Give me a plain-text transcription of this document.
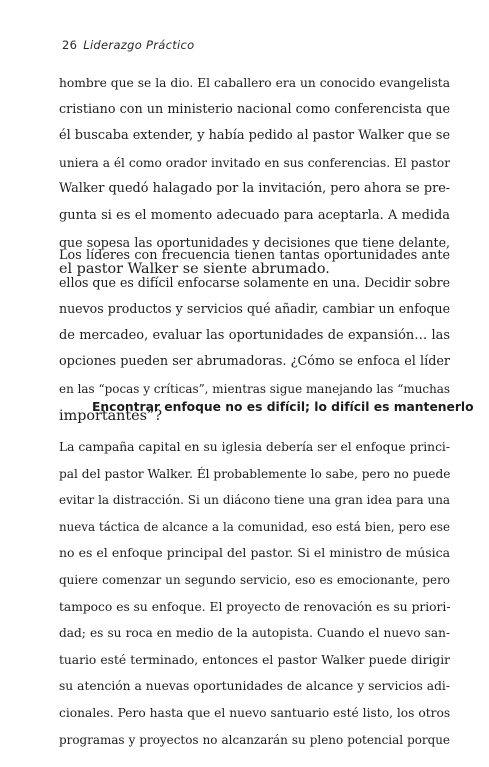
26 Liderazgo Práctico
hombre que se la dio. El caballero era un conocido evangelista
cristiano con un ministerio nacional como conferencista que
él buscaba extender, y había pedido al pastor Walker que se
uniera a él como orador invitado en sus conferencias. El pastor
Walker quedó halagado por la invitación, pero ahora se pre-
gunta si es el momento adecuado para aceptarla. A medida
que sopesa las oportunidades y decisiones que tiene delante,
el pastor Walker se siente abrumado.
Los líderes con frecuencia tienen tantas oportunidades ante
ellos que es difícil enfocarse solamente en una. Decidir sobre
nuevos productos y servicios qué añadir, cambiar un enfoque
de mercadeo, evaluar las oportunidades de expansión… las
opciones pueden ser abrumadoras. ¿Cómo se enfoca el líder
en las “pocas y críticas”, mientras sigue manejando las “muchas
importantes”?
Encontrar enfoque no es difícil; lo difícil es mantenerlo
La campaña capital en su iglesia debería ser el enfoque princi-
pal del pastor Walker. Él probablemente lo sabe, pero no puede
evitar la distracción. Si un diácono tiene una gran idea para una
nueva táctica de alcance a la comunidad, eso está bien, pero ese
no es el enfoque principal del pastor. Si el ministro de música
quiere comenzar un segundo servicio, eso es emocionante, pero
tampoco es su enfoque. El proyecto de renovación es su priori-
dad; es su roca en medio de la autopista. Cuando el nuevo san-
tuario esté terminado, entonces el pastor Walker puede dirigir
su atención a nuevas oportunidades de alcance y servicios adi-
cionales. Pero hasta que el nuevo santuario esté listo, los otros
programas y proyectos no alcanzarán su pleno potencial porque
